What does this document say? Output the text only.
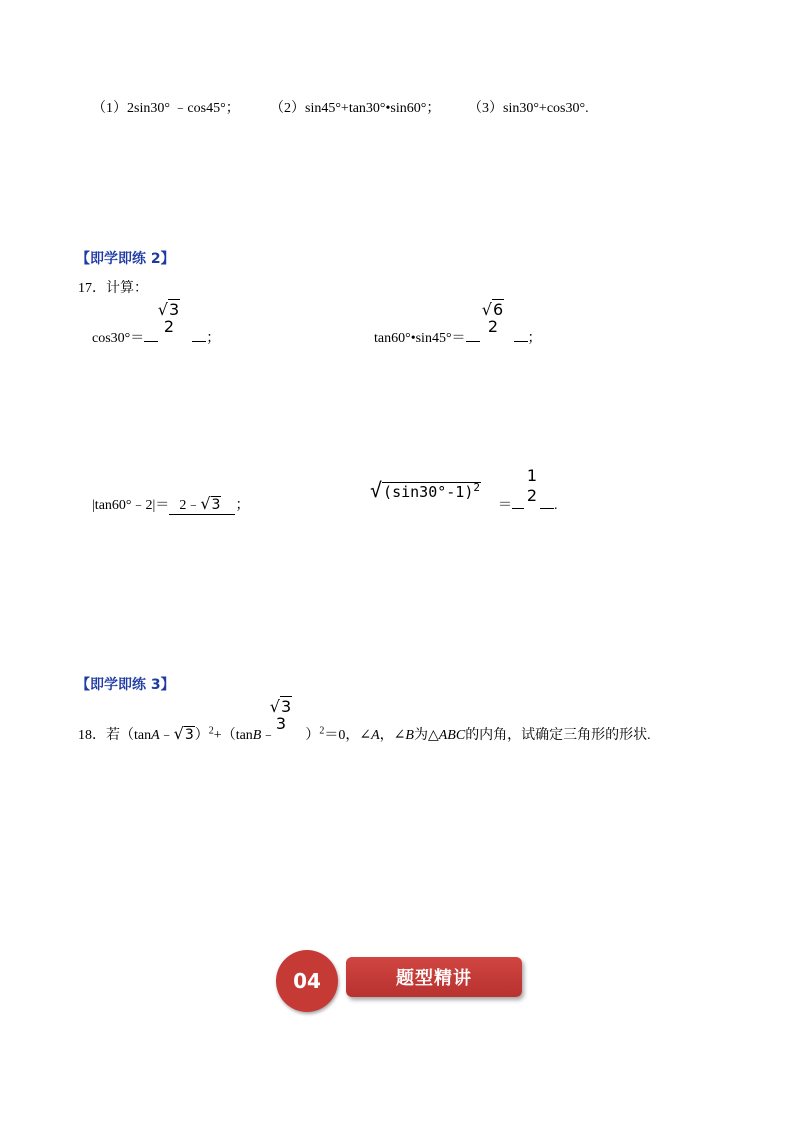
（1）2sin30° ﹣cos45°； （2）sin45°+tan30°•sin60°； （3）sin30°+cos30°.
【即学即练 2】
17．计算：
cos30°＝	；
√3
2
tan60°•sin45°＝	；
√6
2
|tan60°﹣2|＝ 2﹣√3 ；
$√(\sin 30^\circ-1)^2$
＝	.
1
2
【即学即练 3】
18．若（tanA﹣√3）$^2$+（tanB﹣ ）$^2$＝0，∠A，∠B为△ABC的内角，试确定三角形的形状.
√3
3
04	题型精讲
